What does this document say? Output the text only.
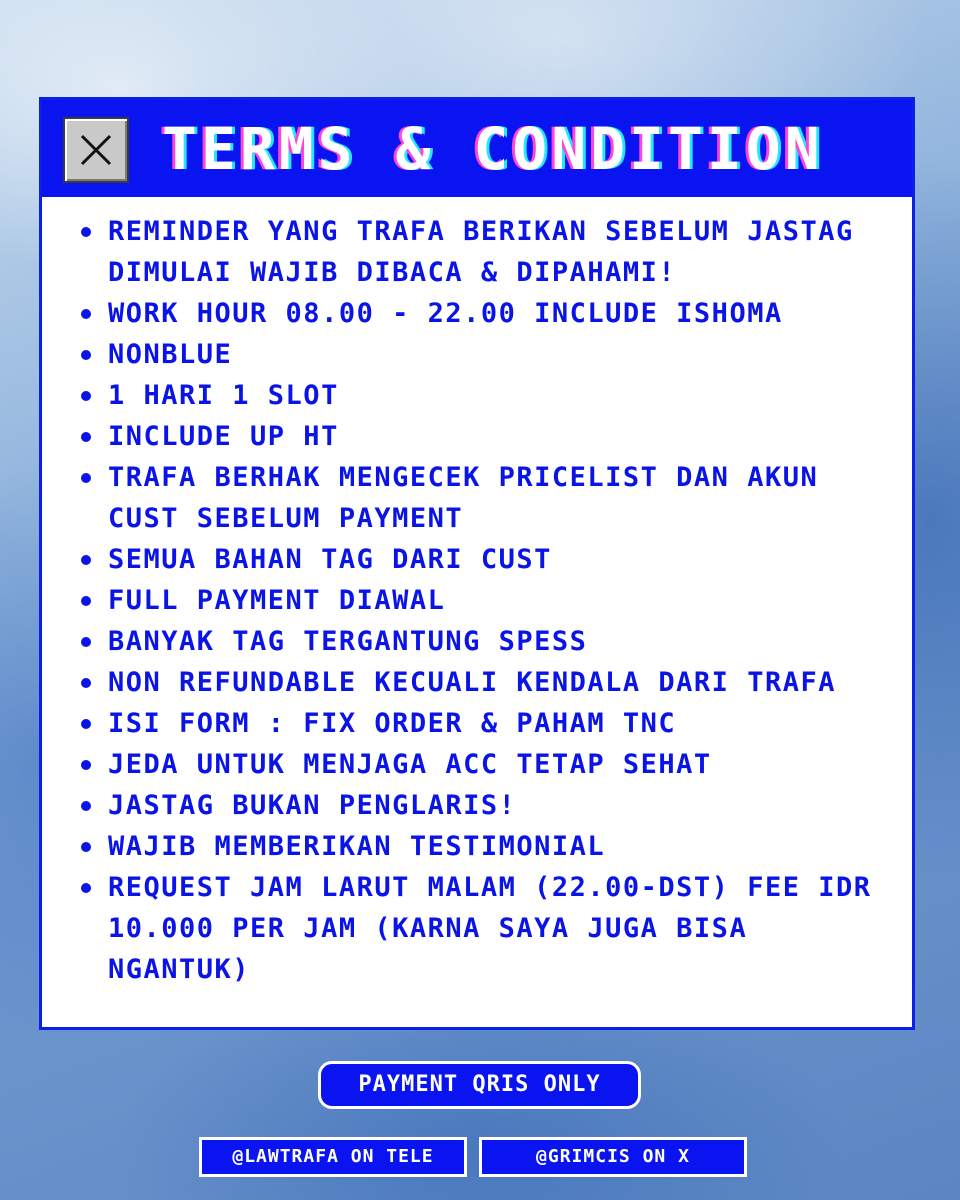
TERMS & CONDITION
REMINDER YANG TRAFA BERIKAN SEBELUM JASTAG DIMULAI WAJIB DIBACA & DIPAHAMI!
WORK HOUR 08.00 - 22.00 INCLUDE ISHOMA
NONBLUE
1 HARI 1 SLOT
INCLUDE UP HT
TRAFA BERHAK MENGECEK PRICELIST DAN AKUN CUST SEBELUM PAYMENT
SEMUA BAHAN TAG DARI CUST
FULL PAYMENT DIAWAL
BANYAK TAG TERGANTUNG SPESS
NON REFUNDABLE KECUALI KENDALA DARI TRAFA
ISI FORM : FIX ORDER & PAHAM TNC
JEDA UNTUK MENJAGA ACC TETAP SEHAT
JASTAG BUKAN PENGLARIS!
WAJIB MEMBERIKAN TESTIMONIAL
REQUEST JAM LARUT MALAM (22.00-DST) FEE IDR 10.000 PER JAM (KARNA SAYA JUGA BISA NGANTUK)
PAYMENT QRIS ONLY
@LAWTRAFA ON TELE	@GRIMCIS ON X
